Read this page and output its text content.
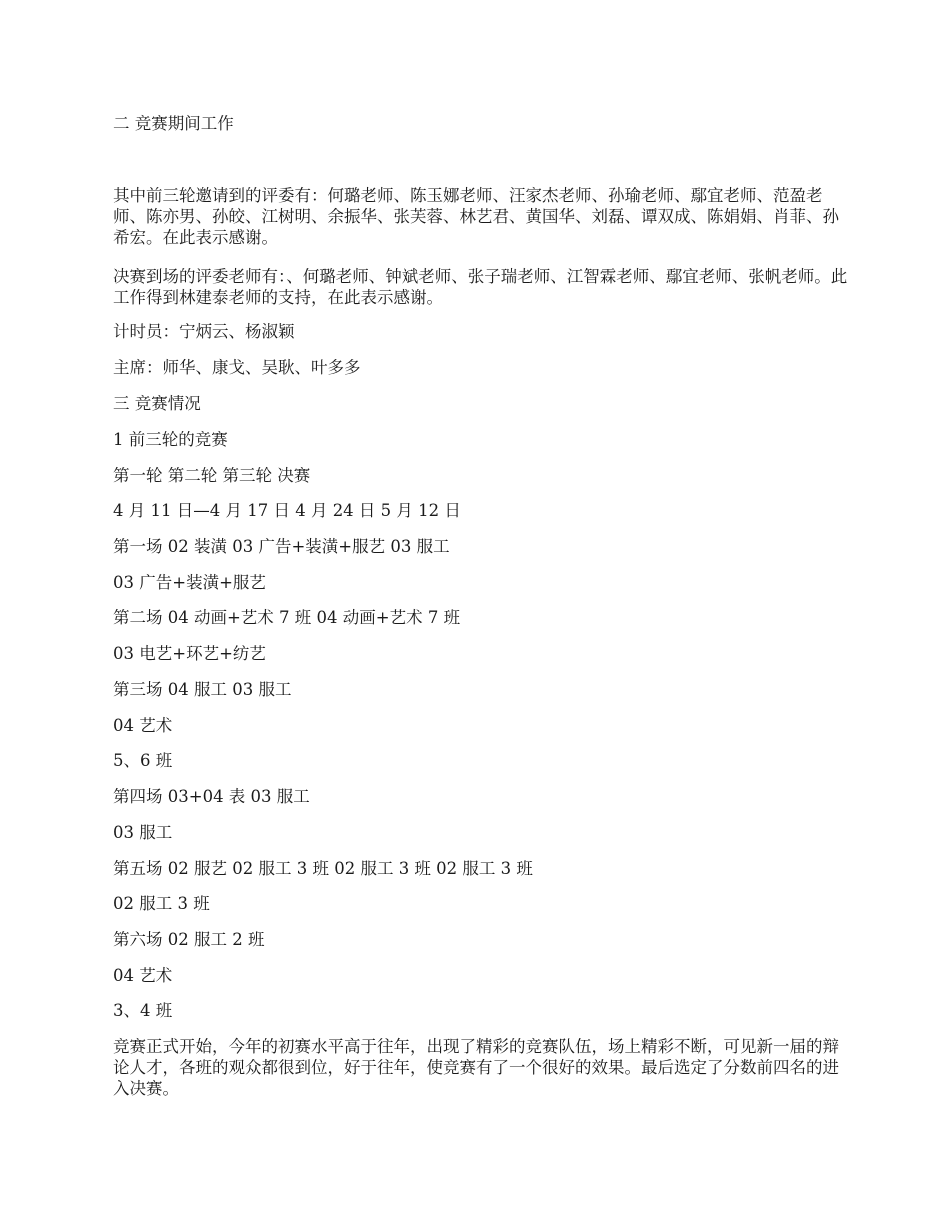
二 竞赛期间工作

其中前三轮邀请到的评委有：何璐老师、陈玉娜老师、汪家杰老师、孙瑜老师、鄢宜老师、范盈老师、陈亦男、孙皎、江树明、余振华、张芙蓉、林艺君、黄国华、刘磊、谭双成、陈娟娟、肖菲、孙希宏。在此表示感谢。

决赛到场的评委老师有：、何璐老师、钟斌老师、张子瑞老师、江智霖老师、鄢宜老师、张帆老师。此工作得到林建泰老师的支持，在此表示感谢。

计时员：宁炳云、杨淑颖

主席：师华、康戈、吴耿、叶多多

三 竞赛情况

1 前三轮的竞赛

第一轮 第二轮 第三轮 决赛

4 月 11 日—4 月 17 日 4 月 24 日 5 月 12 日

第一场 02 装潢 03 广告+装潢+服艺 03 服工

03 广告+装潢+服艺

第二场 04 动画+艺术 7 班 04 动画+艺术 7 班

03 电艺+环艺+纺艺

第三场 04 服工 03 服工

04 艺术

5、6 班

第四场 03+04 表 03 服工

03 服工

第五场 02 服艺 02 服工 3 班 02 服工 3 班 02 服工 3 班

02 服工 3 班

第六场 02 服工 2 班

04 艺术

3、4 班

竞赛正式开始，今年的初赛水平高于往年，出现了精彩的竞赛队伍，场上精彩不断，可见新一届的辩论人才，各班的观众都很到位，好于往年，使竞赛有了一个很好的效果。最后选定了分数前四名的进入决赛。
